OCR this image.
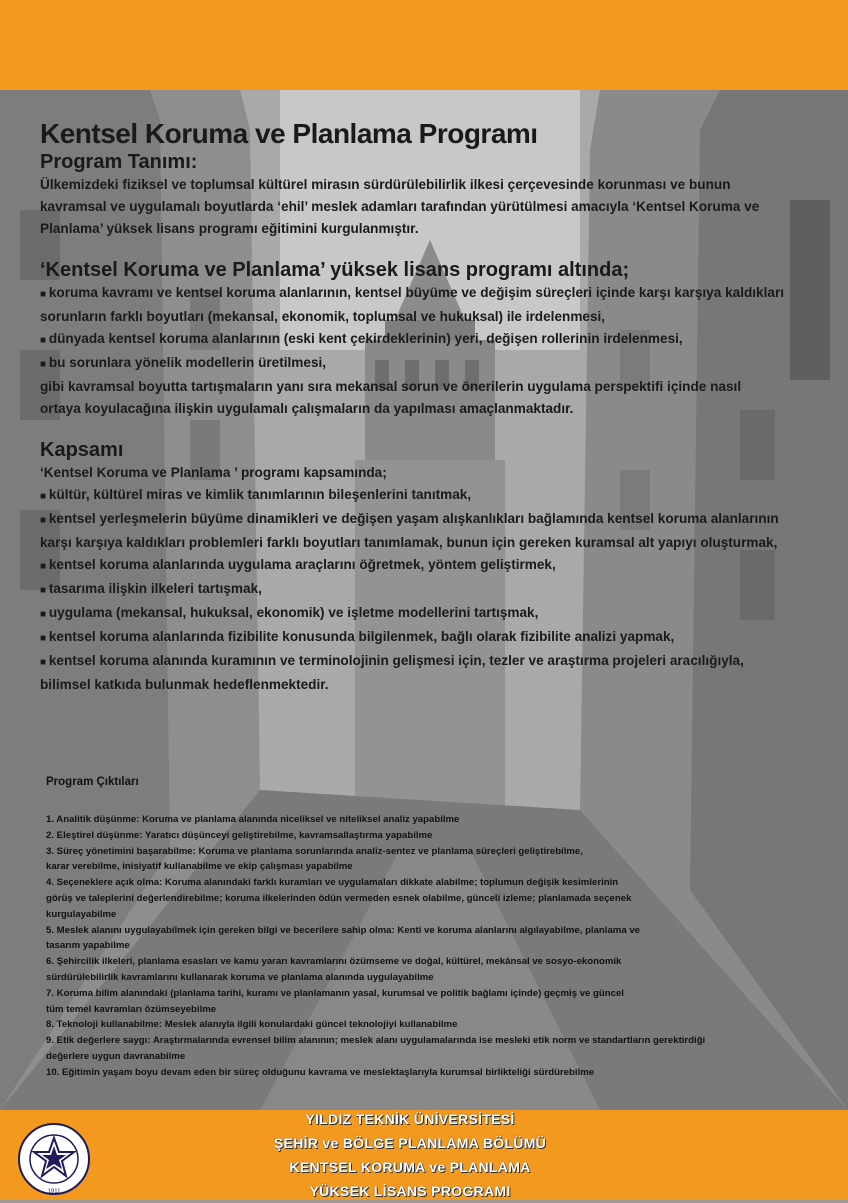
Kentsel Koruma ve Planlama Programı
Program Tanımı:

Ülkemizdeki fiziksel ve toplumsal kültürel mirasın sürdürülebilirlik ilkesi çerçevesinde korunması ve bunun

kavramsal ve uygulamalı boyutlarda ‘ehil’ meslek adamları tarafından yürütülmesi amacıyla ‘Kentsel Koruma ve

Planlama’ yüksek lisans programı eğitimini kurgulanmıştır.

‘Kentsel Koruma ve Planlama’ yüksek lisans programı altında;

■ koruma kavramı ve kentsel koruma alanlarının, kentsel büyüme ve değişim süreçleri içinde karşı karşıya kaldıkları

sorunların farklı boyutları (mekansal, ekonomik, toplumsal ve hukuksal) ile irdelenmesi,

■ dünyada kentsel koruma alanlarının (eski kent çekirdeklerinin) yeri, değişen rollerinin irdelenmesi,

■ bu sorunlara yönelik modellerin üretilmesi,

gibi kavramsal boyutta tartışmaların yanı sıra mekansal sorun ve önerilerin uygulama perspektifi içinde nasıl

ortaya koyulacağına ilişkin uygulamalı çalışmaların da yapılması amaçlanmaktadır.

Kapsamı

‘Kentsel Koruma ve Planlama ’ programı kapsamında;

■ kültür, kültürel miras ve kimlik tanımlarının bileşenlerini tanıtmak,

■ kentsel yerleşmelerin büyüme dinamikleri ve değişen yaşam alışkanlıkları bağlamında kentsel koruma alanlarının

karşı karşıya kaldıkları problemleri farklı boyutları tanımlamak, bunun için gereken kuramsal alt yapıyı oluşturmak,

■ kentsel koruma alanlarında uygulama araçlarını öğretmek, yöntem geliştirmek,

■ tasarıma ilişkin ilkeleri tartışmak,

■ uygulama (mekansal, hukuksal, ekonomik) ve işletme modellerini tartışmak,

■ kentsel koruma alanlarında fizibilite konusunda bilgilenmek, bağlı olarak fizibilite analizi yapmak,

■ kentsel koruma alanında kuramının ve terminolojinin gelişmesi için, tezler ve araştırma projeleri aracılığıyla,

bilimsel katkıda bulunmak hedeflenmektedir.

Program Çıktıları

1. Analitik düşünme: Koruma ve planlama alanında niceliksel ve niteliksel analiz yapabilme

2. Eleştirel düşünme: Yaratıcı düşünceyi geliştirebilme, kavramsallaştırma yapabilme

3. Süreç yönetimini başarabilme: Koruma ve planlama sorunlarında analiz-sentez ve planlama süreçleri geliştirebilme,

karar verebilme, inisiyatif kullanabilme ve ekip çalışması yapabilme

4. Seçeneklere açık olma: Koruma alanındaki farklı kuramları ve uygulamaları dikkate alabilme; toplumun değişik kesimlerinin

görüş ve taleplerini değerlendirebilme; koruma ilkelerinden ödün vermeden esnek olabilme, günceli izleme; planlamada seçenek

kurgulayabilme

5. Meslek alanını uygulayabilmek için gereken bilgi ve becerilere sahip olma: Kenti ve koruma alanlarını algılayabilme, planlama ve

tasarım yapabilme

6. Şehircilik ilkeleri, planlama esasları ve kamu yararı kavramlarını özümseme ve doğal, kültürel, mekânsal ve sosyo-ekonomik

sürdürülebilirlik kavramlarını kullanarak koruma ve planlama alanında uygulayabilme

7. Koruma bilim alanındaki (planlama tarihi, kuramı ve planlamanın yasal, kurumsal ve politik bağlamı içinde) geçmiş ve güncel

tüm temel kavramları özümseyebilme

8. Teknoloji kullanabilme: Meslek alanıyla ilgili konulardaki güncel teknolojiyi kullanabilme

9. Etik değerlere saygı: Araştırmalarında evrensel bilim alanının; meslek alanı uygulamalarında ise mesleki etik norm ve standartların gerektirdiği

değerlere uygun davranabilme

10. Eğitimin yaşam boyu devam eden bir süreç olduğunu kavrama ve meslektaşlarıyla kurumsal birlikteliği sürdürebilme

1911
YILDIZ TEKNİK ÜNİVERSİTESİ
ŞEHİR ve BÖLGE PLANLAMA BÖLÜMÜ
KENTSEL KORUMA ve PLANLAMA
YÜKSEK LİSANS PROGRAMI
